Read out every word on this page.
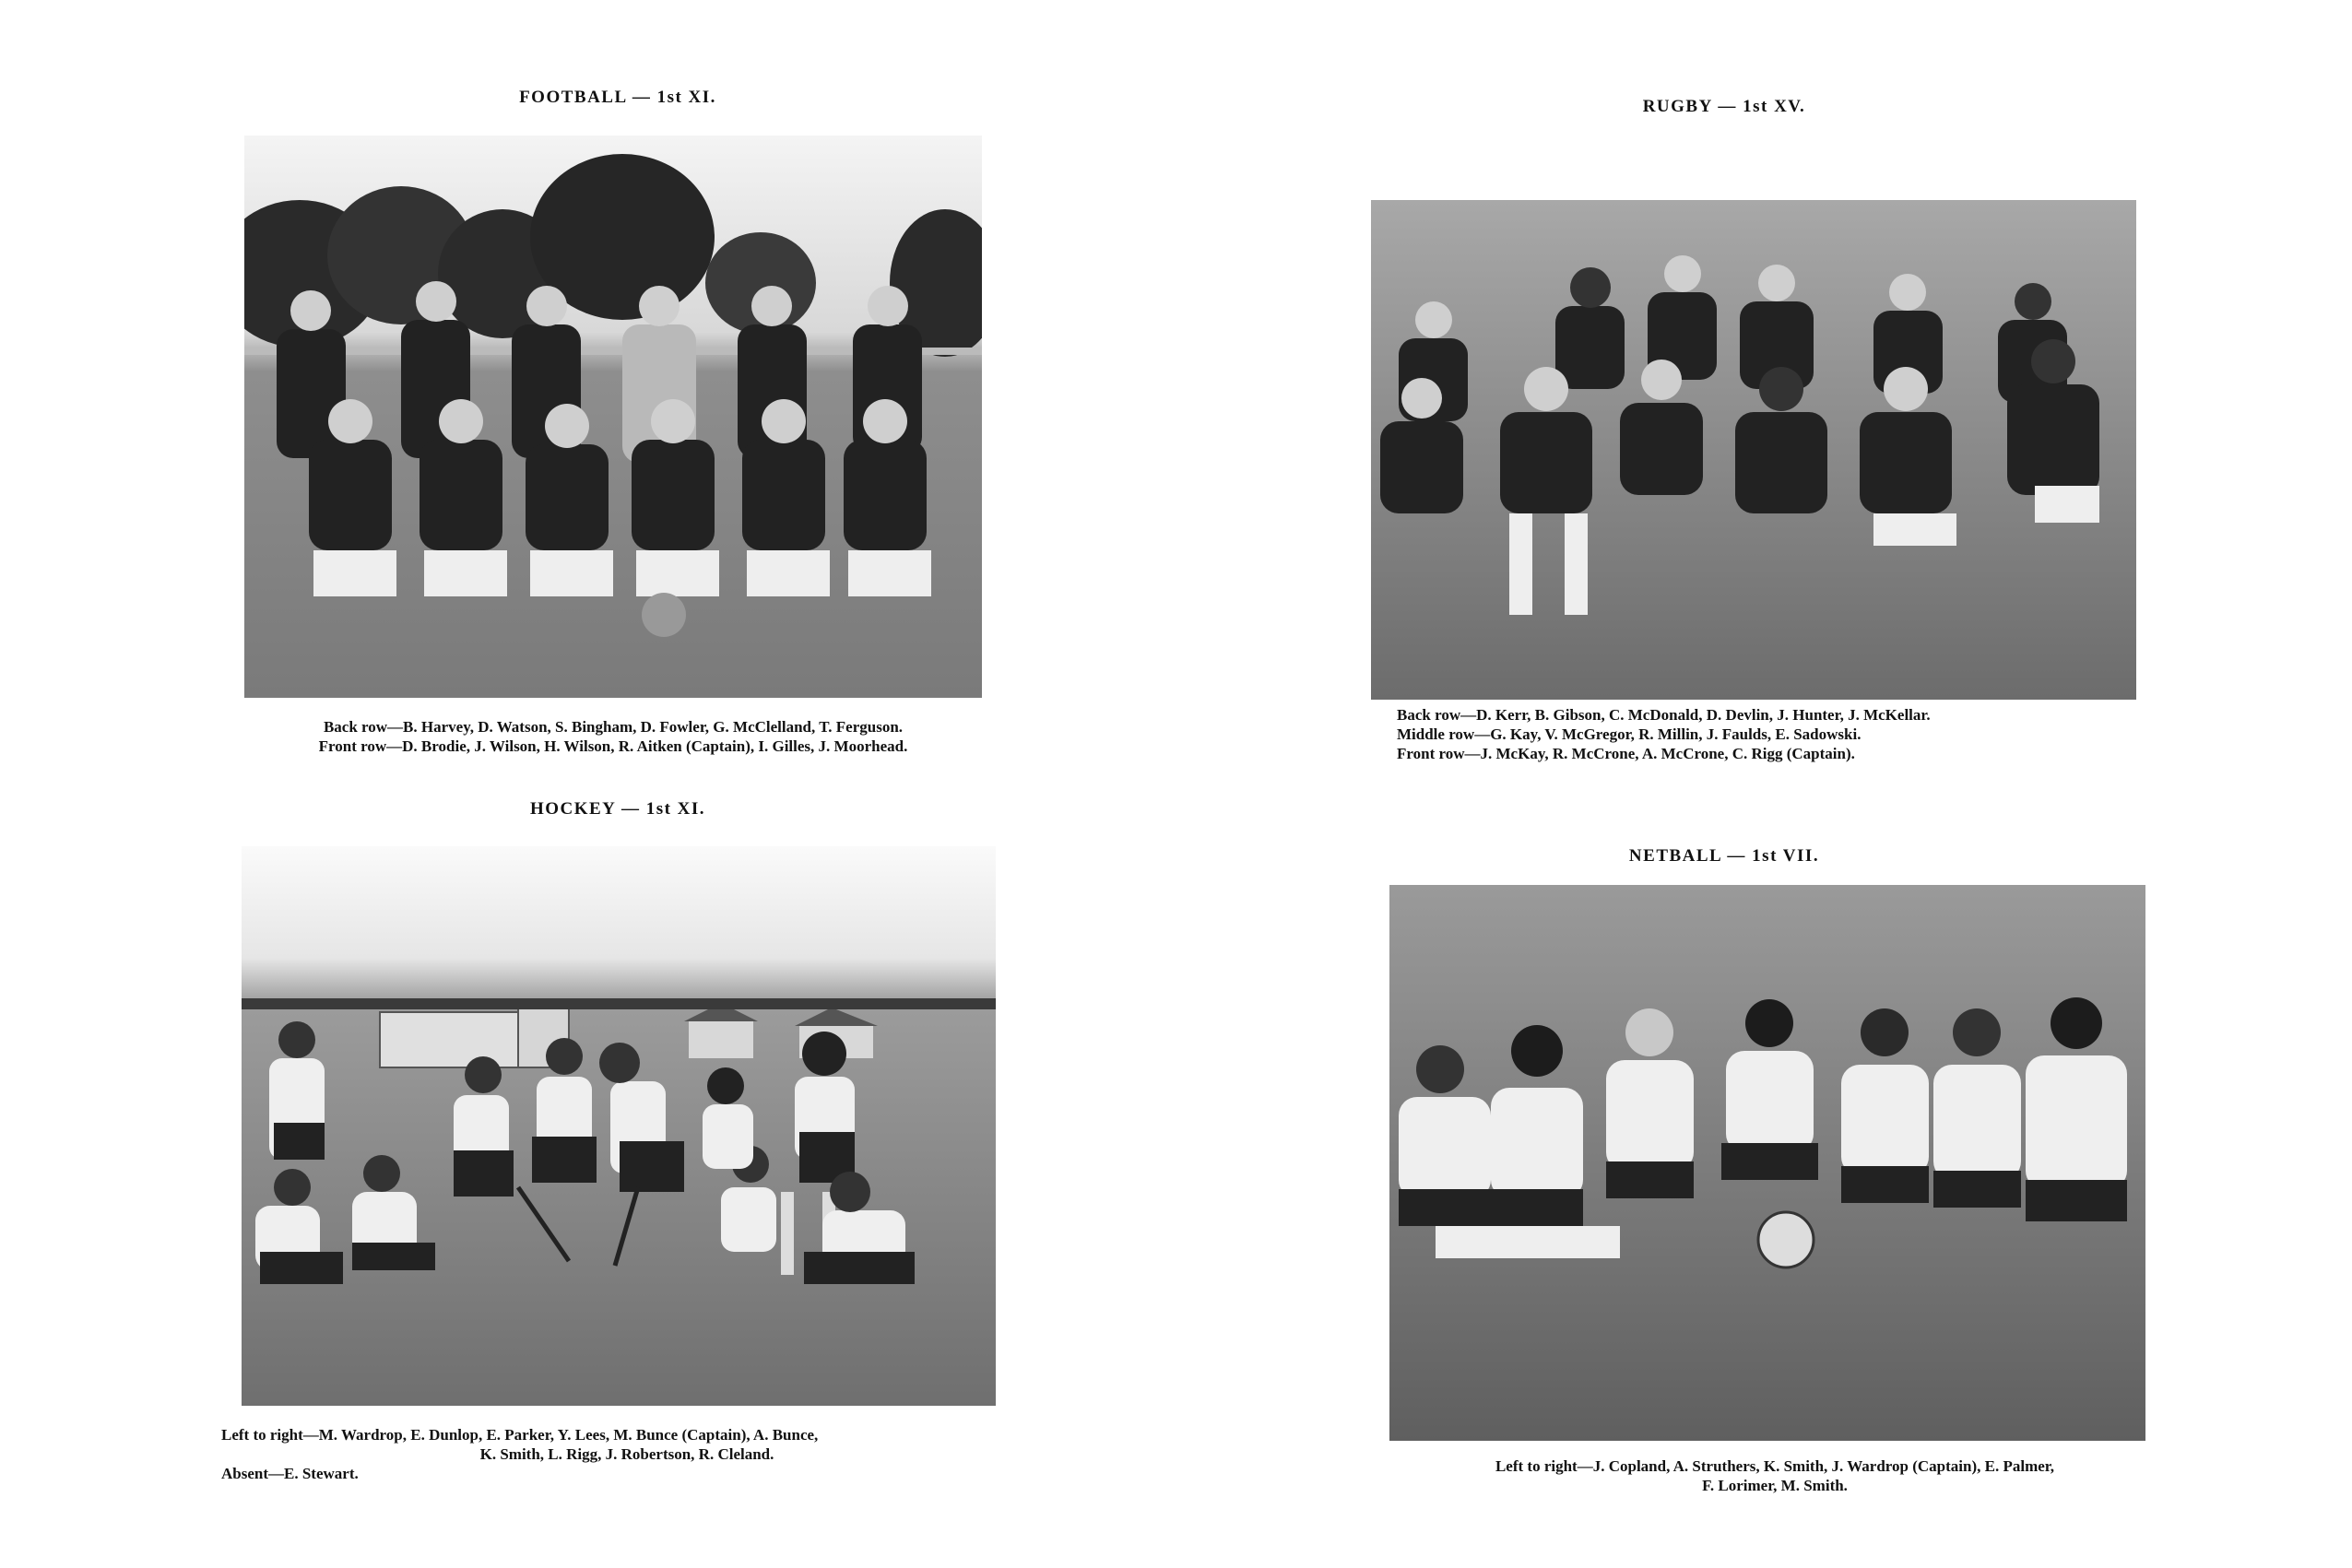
FOOTBALL — 1st XI.
Back row—B. Harvey, D. Watson, S. Bingham, D. Fowler, G. McClelland, T. Ferguson.
Front row—D. Brodie, J. Wilson, H. Wilson, R. Aitken (Captain), I. Gilles, J. Moorhead.
HOCKEY — 1st XI.
Left to right—M. Wardrop, E. Dunlop, E. Parker, Y. Lees, M. Bunce (Captain), A. Bunce,
K. Smith, L. Rigg, J. Robertson, R. Cleland.
Absent—E. Stewart.
RUGBY — 1st XV.
Back row—D. Kerr, B. Gibson, C. McDonald, D. Devlin, J. Hunter, J. McKellar.
Middle row—G. Kay, V. McGregor, R. Millin, J. Faulds, E. Sadowski.
Front row—J. McKay, R. McCrone, A. McCrone, C. Rigg (Captain).
NETBALL — 1st VII.
Left to right—J. Copland, A. Struthers, K. Smith, J. Wardrop (Captain), E. Palmer,
F. Lorimer, M. Smith.
